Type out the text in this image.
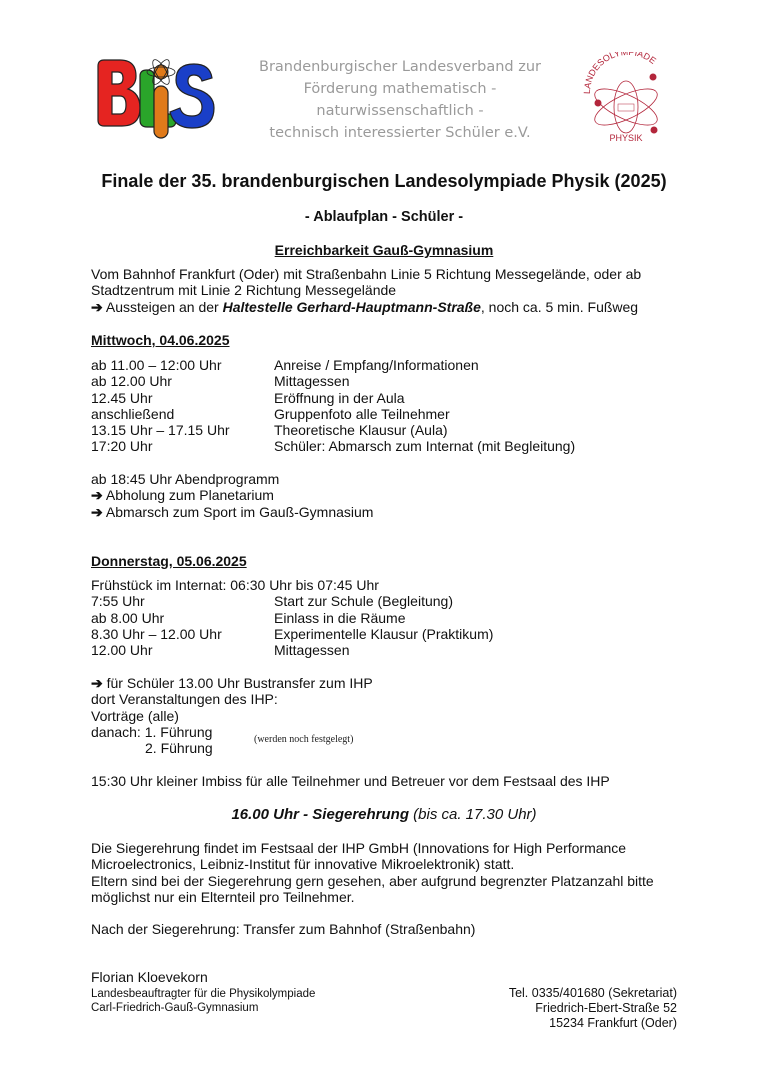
Brandenburgischer Landesverband zur
Förderung mathematisch -
naturwissenschaftlich -
technisch interessierter Schüler e.V.
LANDESOLYMPIADE
PHYSIK
Finale der 35. brandenburgischen Landesolympiade Physik (2025)
- Ablaufplan - Schüler -
Erreichbarkeit Gauß-Gymnasium
Vom Bahnhof Frankfurt (Oder) mit Straßenbahn Linie 5 Richtung Messegelände, oder ab
Stadtzentrum mit Linie 2 Richtung Messegelände
➔ Aussteigen an der Haltestelle Gerhard-Hauptmann-Straße, noch ca. 5 min. Fußweg
Mittwoch, 04.06.2025
ab 11.00 – 12:00 Uhr	Anreise / Empfang/Informationen
ab 12.00 Uhr	Mittagessen
12.45 Uhr	Eröffnung in der Aula
anschließend	Gruppenfoto alle Teilnehmer
13.15 Uhr – 17.15 Uhr	Theoretische Klausur (Aula)
17:20 Uhr	Schüler: Abmarsch zum Internat (mit Begleitung)
ab 18:45 Uhr Abendprogramm
➔ Abholung zum Planetarium
➔ Abmarsch zum Sport im Gauß-Gymnasium
Donnerstag, 05.06.2025
Frühstück im Internat: 06:30 Uhr bis 07:45 Uhr
7:55 Uhr	Start zur Schule (Begleitung)
ab 8.00 Uhr	Einlass in die Räume
8.30 Uhr – 12.00 Uhr	Experimentelle Klausur (Praktikum)
12.00 Uhr	Mittagessen
➔ für Schüler 13.00 Uhr Bustransfer zum IHP
dort Veranstaltungen des IHP:
Vorträge (alle)
danach: 1. Führung
2. Führung
(werden noch festgelegt)
15:30 Uhr kleiner Imbiss für alle Teilnehmer und Betreuer vor dem Festsaal des IHP
16.00 Uhr - Siegerehrung (bis ca. 17.30 Uhr)
Die Siegerehrung findet im Festsaal der IHP GmbH (Innovations for High Performance
Microelectronics, Leibniz-Institut für innovative Mikroelektronik) statt.
Eltern sind bei der Siegerehrung gern gesehen, aber aufgrund begrenzter Platzanzahl bitte
möglichst nur ein Elternteil pro Teilnehmer.
Nach der Siegerehrung: Transfer zum Bahnhof (Straßenbahn)
Florian Kloevekorn
Landesbeauftragter für die Physikolympiade
Carl-Friedrich-Gauß-Gymnasium
Tel. 0335/401680 (Sekretariat)
Friedrich-Ebert-Straße 52
15234 Frankfurt (Oder)
